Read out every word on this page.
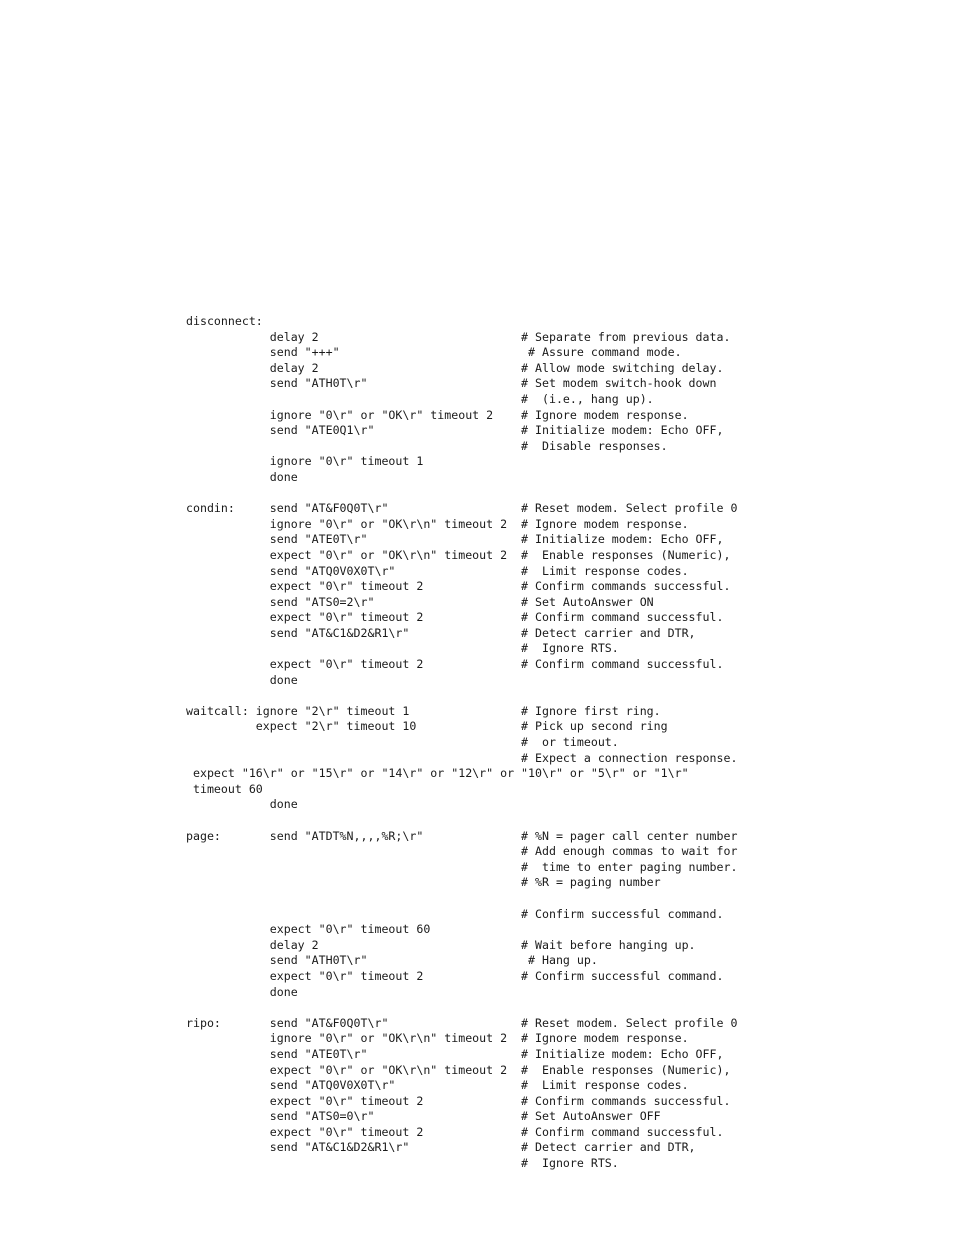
disconnect:
delay 2                             # Separate from previous data.
send "+++"                           # Assure command mode.
delay 2                             # Allow mode switching delay.
send "ATH0T\r"                      # Set modem switch-hook down
#  (i.e., hang up).
ignore "0\r" or "OK\r" timeout 2    # Ignore modem response.
send "ATE0Q1\r"                     # Initialize modem: Echo OFF,
#  Disable responses.
ignore "0\r" timeout 1
done
condin:     send "AT&F0Q0T\r"                   # Reset modem. Select profile 0
ignore "0\r" or "OK\r\n" timeout 2  # Ignore modem response.
send "ATE0T\r"                      # Initialize modem: Echo OFF,
expect "0\r" or "OK\r\n" timeout 2  #  Enable responses (Numeric),
send "ATQ0V0X0T\r"                  #  Limit response codes.
expect "0\r" timeout 2              # Confirm commands successful.
send "ATS0=2\r"                     # Set AutoAnswer ON
expect "0\r" timeout 2              # Confirm command successful.
send "AT&C1&D2&R1\r"                # Detect carrier and DTR,
#  Ignore RTS.
expect "0\r" timeout 2              # Confirm command successful.
done
waitcall: ignore "2\r" timeout 1                # Ignore first ring.
expect "2\r" timeout 10               # Pick up second ring
#  or timeout.
# Expect a connection response.
expect "16\r" or "15\r" or "14\r" or "12\r" or "10\r" or "5\r" or "1\r"
timeout 60
done
page:       send "ATDT%N,,,,%R;\r"              # %N = pager call center number
# Add enough commas to wait for
#  time to enter paging number.
# %R = paging number
# Confirm successful command.
expect "0\r" timeout 60
delay 2                             # Wait before hanging up.
send "ATH0T\r"                       # Hang up.
expect "0\r" timeout 2              # Confirm successful command.
done
ripo:       send "AT&F0Q0T\r"                   # Reset modem. Select profile 0
ignore "0\r" or "OK\r\n" timeout 2  # Ignore modem response.
send "ATE0T\r"                      # Initialize modem: Echo OFF,
expect "0\r" or "OK\r\n" timeout 2  #  Enable responses (Numeric),
send "ATQ0V0X0T\r"                  #  Limit response codes.
expect "0\r" timeout 2              # Confirm commands successful.
send "ATS0=0\r"                     # Set AutoAnswer OFF
expect "0\r" timeout 2              # Confirm command successful.
send "AT&C1&D2&R1\r"                # Detect carrier and DTR,
#  Ignore RTS.
